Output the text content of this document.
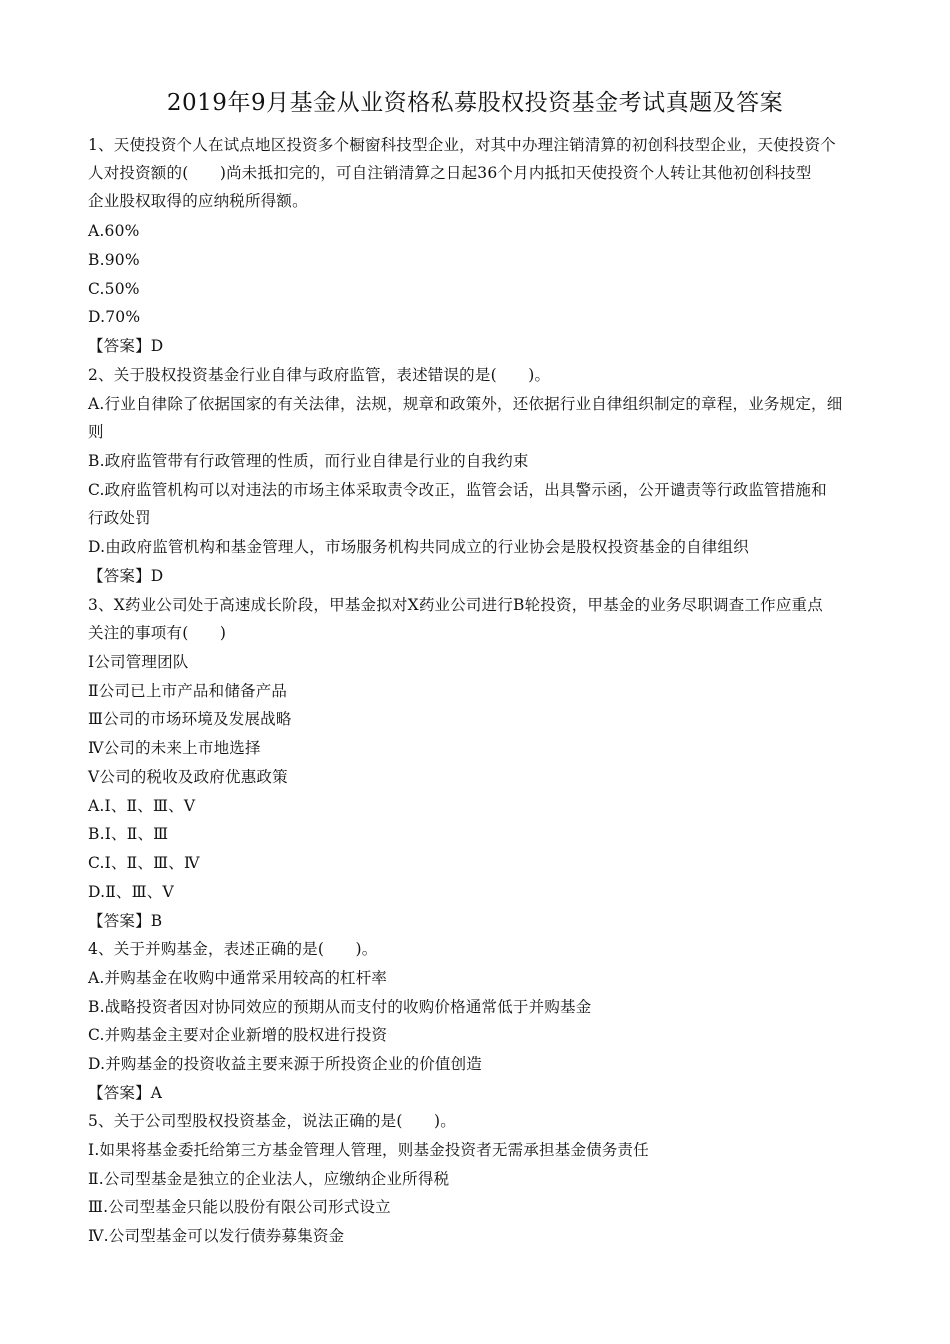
2019年9月基金从业资格私募股权投资基金考试真题及答案
1、天使投资个人在试点地区投资多个橱窗科技型企业，对其中办理注销清算的初创科技型企业，天使投资个
人对投资额的(　　)尚未抵扣完的，可自注销清算之日起36个月内抵扣天使投资个人转让其他初创科技型
企业股权取得的应纳税所得额。
A.60%
B.90%
C.50%
D.70%
【答案】D
2、关于股权投资基金行业自律与政府监管，表述错误的是(　　)。
A.行业自律除了依据国家的有关法律，法规，规章和政策外，还依据行业自律组织制定的章程，业务规定，细
则
B.政府监管带有行政管理的性质，而行业自律是行业的自我约束
C.政府监管机构可以对违法的市场主体采取责令改正，监管会话，出具警示函，公开谴责等行政监管措施和
行政处罚
D.由政府监管机构和基金管理人，市场服务机构共同成立的行业协会是股权投资基金的自律组织
【答案】D
3、X药业公司处于高速成长阶段，甲基金拟对X药业公司进行B轮投资，甲基金的业务尽职调查工作应重点
关注的事项有(　　)
Ⅰ公司管理团队
Ⅱ公司已上市产品和储备产品
Ⅲ公司的市场环境及发展战略
Ⅳ公司的未来上市地选择
Ⅴ公司的税收及政府优惠政策
A.Ⅰ、Ⅱ、Ⅲ、Ⅴ
B.Ⅰ、Ⅱ、Ⅲ
C.Ⅰ、Ⅱ、Ⅲ、Ⅳ
D.Ⅱ、Ⅲ、Ⅴ
【答案】B
4、关于并购基金，表述正确的是(　　)。
A.并购基金在收购中通常采用较高的杠杆率
B.战略投资者因对协同效应的预期从而支付的收购价格通常低于并购基金
C.并购基金主要对企业新增的股权进行投资
D.并购基金的投资收益主要来源于所投资企业的价值创造
【答案】A
5、关于公司型股权投资基金，说法正确的是(　　)。
Ⅰ.如果将基金委托给第三方基金管理人管理，则基金投资者无需承担基金债务责任
Ⅱ.公司型基金是独立的企业法人，应缴纳企业所得税
Ⅲ.公司型基金只能以股份有限公司形式设立
Ⅳ.公司型基金可以发行债券募集资金
